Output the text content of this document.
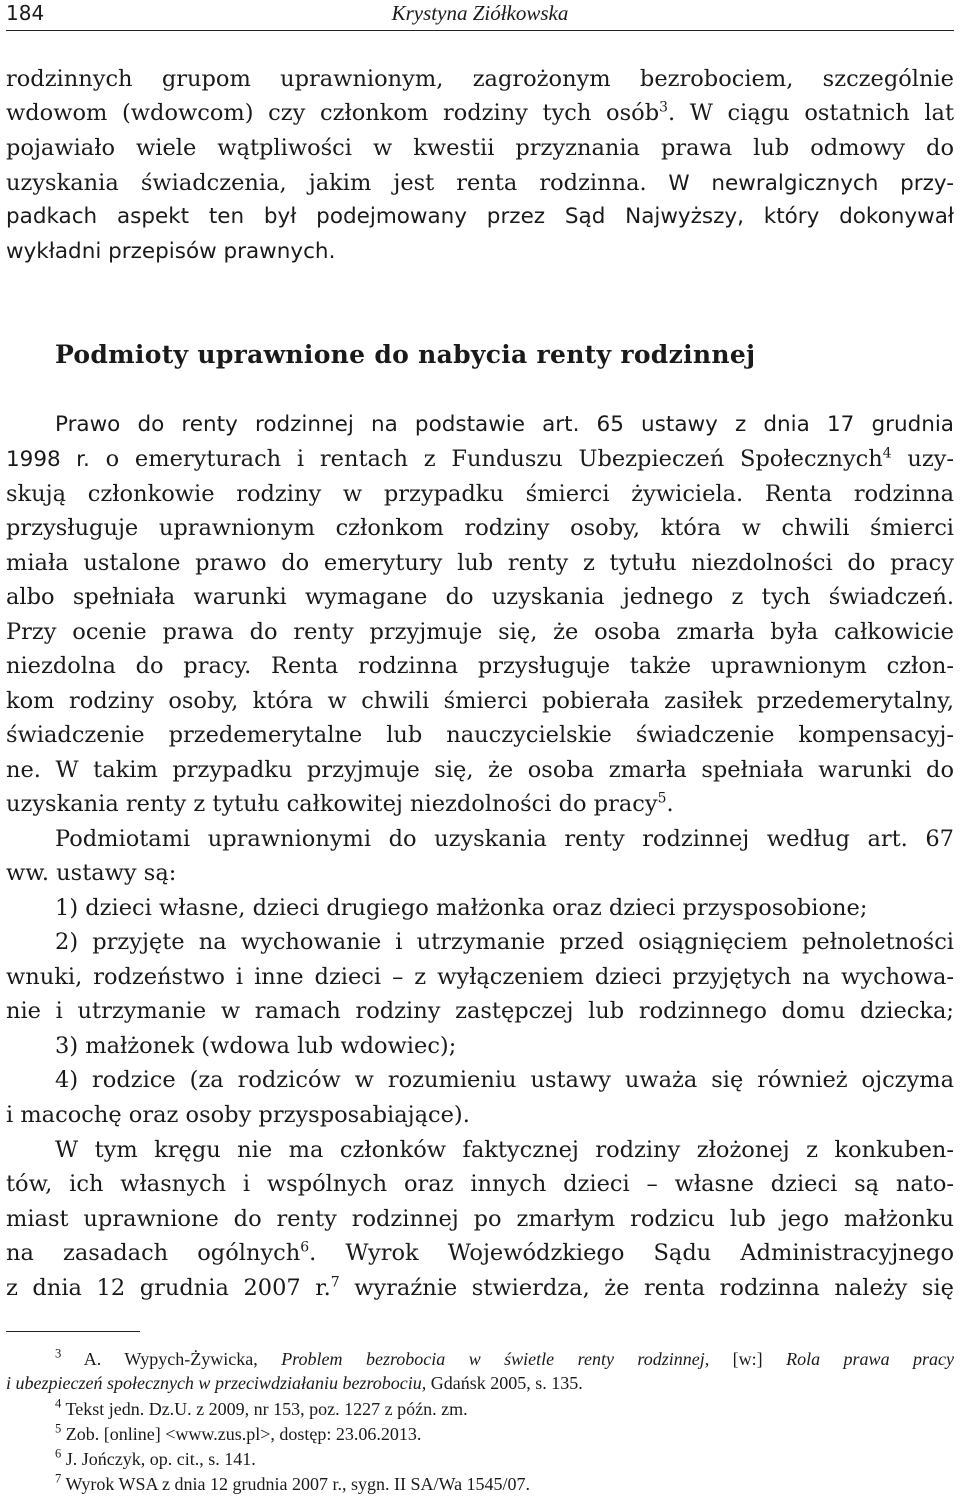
184	Krystyna Ziółkowska
rodzinnych grupom uprawnionym, zagrożonym bezrobociem, szczególnie
wdowom (wdowcom) czy członkom rodziny tych osób$^3$. W ciągu ostatnich lat
pojawiało wiele wątpliwości w kwestii przyznania prawa lub odmowy do
uzyskania świadczenia, jakim jest renta rodzinna. W newralgicznych przy-
padkach aspekt ten był podejmowany przez Sąd Najwyższy, który dokonywał
wykładni przepisów prawnych.
Podmioty uprawnione do nabycia renty rodzinnej
Prawo do renty rodzinnej na podstawie art. 65 ustawy z dnia 17 grudnia
1998 r. o emeryturach i rentach z Funduszu Ubezpieczeń Społecznych$^4$ uzy-
skują członkowie rodziny w przypadku śmierci żywiciela. Renta rodzinna
przysługuje uprawnionym członkom rodziny osoby, która w chwili śmierci
miała ustalone prawo do emerytury lub renty z tytułu niezdolności do pracy
albo spełniała warunki wymagane do uzyskania jednego z tych świadczeń.
Przy ocenie prawa do renty przyjmuje się, że osoba zmarła była całkowicie
niezdolna do pracy. Renta rodzinna przysługuje także uprawnionym człon-
kom rodziny osoby, która w chwili śmierci pobierała zasiłek przedemerytalny,
świadczenie przedemerytalne lub nauczycielskie świadczenie kompensacyj-
ne. W takim przypadku przyjmuje się, że osoba zmarła spełniała warunki do
uzyskania renty z tytułu całkowitej niezdolności do pracy$^5$.
Podmiotami uprawnionymi do uzyskania renty rodzinnej według art. 67
ww. ustawy są:
1) dzieci własne, dzieci drugiego małżonka oraz dzieci przysposobione;
2) przyjęte na wychowanie i utrzymanie przed osiągnięciem pełnoletności
wnuki, rodzeństwo i inne dzieci – z wyłączeniem dzieci przyjętych na wychowa-
nie i utrzymanie w ramach rodziny zastępczej lub rodzinnego domu dziecka;
3) małżonek (wdowa lub wdowiec);
4) rodzice (za rodziców w rozumieniu ustawy uważa się również ojczyma
i macochę oraz osoby przysposabiające).
W tym kręgu nie ma członków faktycznej rodziny złożonej z konkuben-
tów, ich własnych i wspólnych oraz innych dzieci – własne dzieci są nato-
miast uprawnione do renty rodzinnej po zmarłym rodzicu lub jego małżonku
na zasadach ogólnych$^6$. Wyrok Wojewódzkiego Sądu Administracyjnego
z dnia 12 grudnia 2007 r.$^7$ wyraźnie stwierdza, że renta rodzinna należy się
$^3$ A. Wypych-Żywicka, Problem bezrobocia w świetle renty rodzinnej, [w:] Rola prawa pracy
i ubezpieczeń społecznych w przeciwdziałaniu bezrobociu, Gdańsk 2005, s. 135.
$^4$ Tekst jedn. Dz.U. z 2009, nr 153, poz. 1227 z późn. zm.
$^5$ Zob. [online] <www.zus.pl>, dostęp: 23.06.2013.
$^6$ J. Jończyk, op. cit., s. 141.
$^7$ Wyrok WSA z dnia 12 grudnia 2007 r., sygn. II SA/Wa 1545/07.
